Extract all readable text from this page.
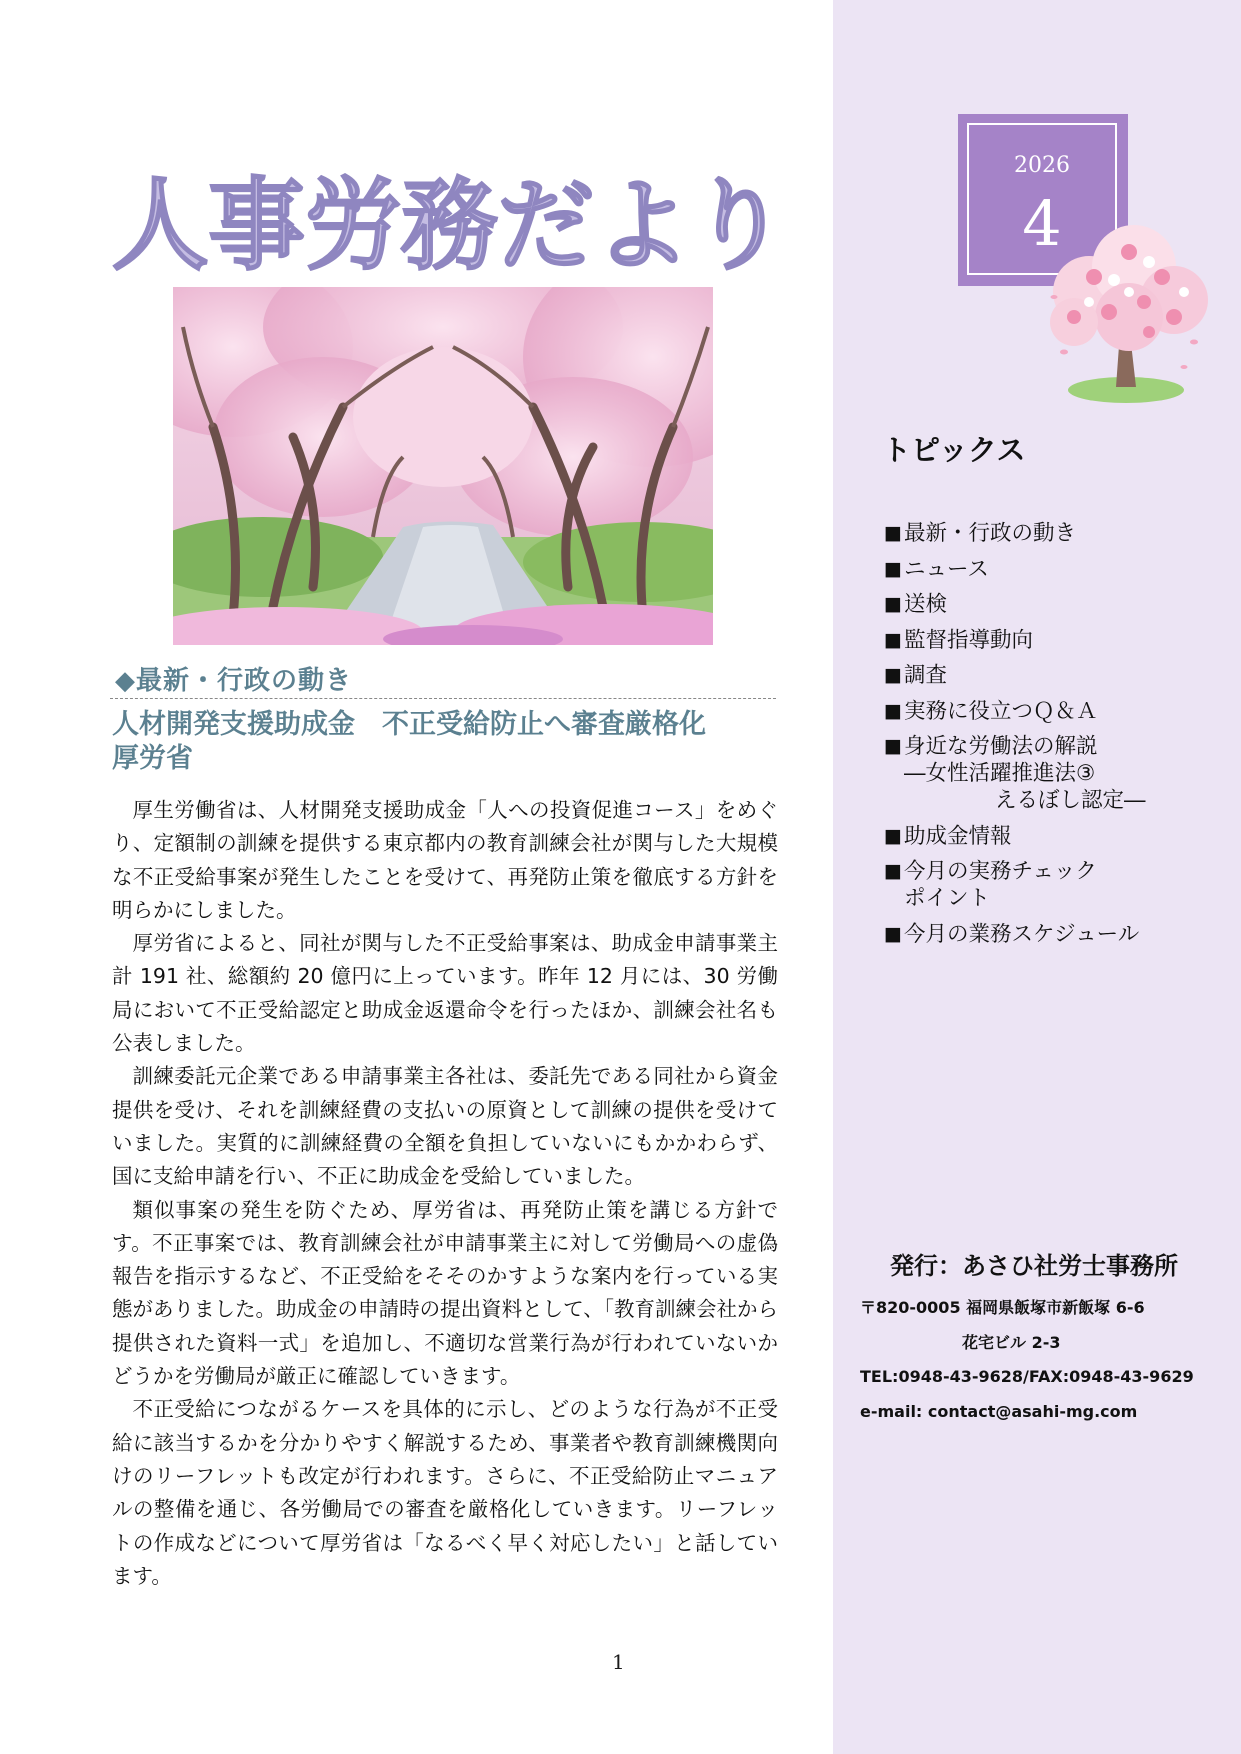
人事労務だより
◆最新・行政の動き
人材開発支援助成金　不正受給防止へ審査厳格化
厚労省

厚生労働省は、人材開発支援助成金「人への投資促進コース」をめぐり、定額制の訓練を提供する東京都内の教育訓練会社が関与した大規模な不正受給事案が発生したことを受けて、再発防止策を徹底する方針を明らかにしました。

厚労省によると、同社が関与した不正受給事案は、助成金申請事業主計 191 社、総額約 20 億円に上っています。昨年 12 月には、30 労働局において不正受給認定と助成金返還命令を行ったほか、訓練会社名も公表しました。

訓練委託元企業である申請事業主各社は、委託先である同社から資金提供を受け、それを訓練経費の支払いの原資として訓練の提供を受けていました。実質的に訓練経費の全額を負担していないにもかかわらず、国に支給申請を行い、不正に助成金を受給していました。

類似事案の発生を防ぐため、厚労省は、再発防止策を講じる方針です。不正事案では、教育訓練会社が申請事業主に対して労働局への虚偽報告を指示するなど、不正受給をそそのかすような案内を行っている実態がありました。助成金の申請時の提出資料として、「教育訓練会社から提供された資料一式」を追加し、不適切な営業行為が行われていないかどうかを労働局が厳正に確認していきます。

不正受給につながるケースを具体的に示し、どのような行為が不正受給に該当するかを分かりやすく解説するため、事業者や教育訓練機関向けのリーフレットも改定が行われます。さらに、不正受給防止マニュアルの整備を通じ、各労働局での審査を厳格化していきます。リーフレットの作成などについて厚労省は「なるべく早く対応したい」と話しています。

1
2026
4
トピックス
■ 最新・行政の動き
■ ニュース
■ 送検
■ 監督指導動向
■ 調査
■ 実務に役立つＱ＆Ａ
■ 身近な労働法の解説
―女性活躍推進法③
えるぼし認定―
■ 助成金情報
■ 今月の実務チェック
ポイント
■ 今月の業務スケジュール
発行：あさひ社労士事務所
〒820-0005 福岡県飯塚市新飯塚 6-6
花宅ビル 2-3
TEL:0948-43-9628/FAX:0948-43-9629
e-mail: contact@asahi-mg.com
